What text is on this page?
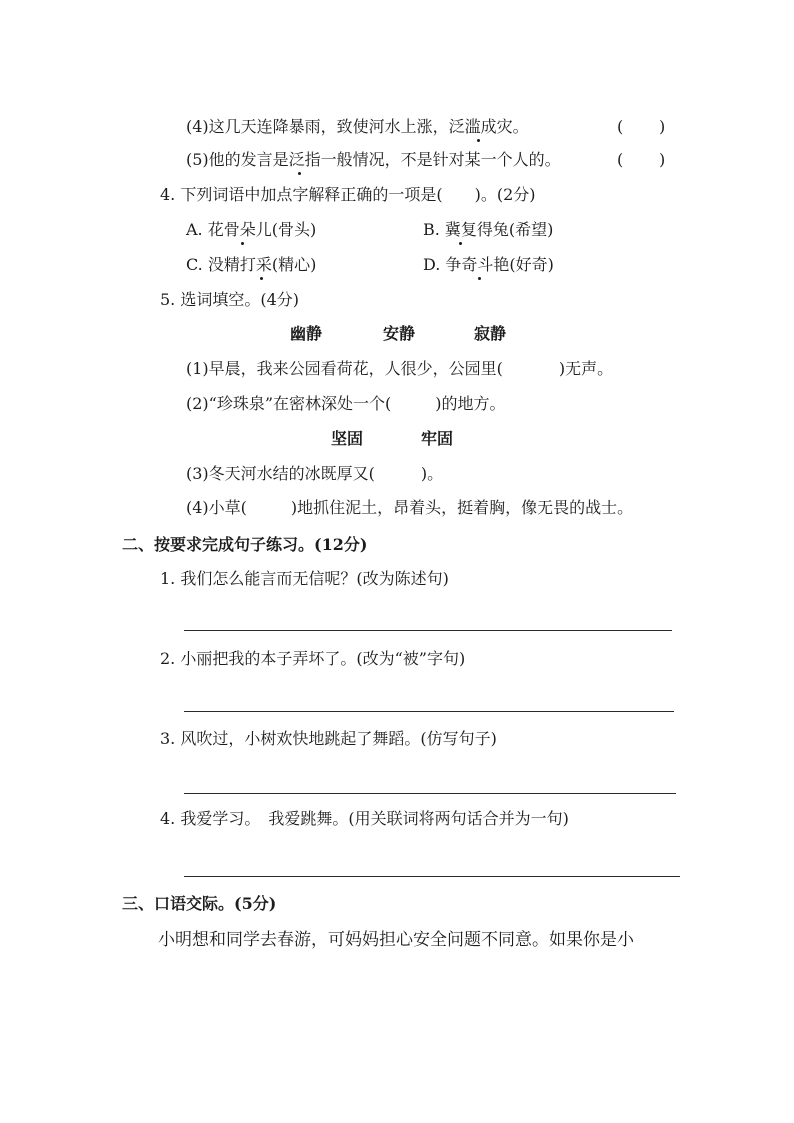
(4)这几天连降暴雨，致使河水上涨，泛滥成灾。	( )
(5)他的发言是泛指一般情况，不是针对某一个人的。	( )
4. 下列词语中加点字解释正确的一项是(　　)。(2分)
A. 花骨朵儿(骨头)	B. 冀复得兔(希望)
C. 没精打采(精心)	D. 争奇斗艳(好奇)
5. 选词填空。(4分)
幽静	安静	寂静
(1)早晨，我来公园看荷花，人很少，公园里(	)无声。
(2)“珍珠泉”在密林深处一个(	)的地方。
坚固	牢固
(3)冬天河水结的冰既厚又(	)。
(4)小草(	)地抓住泥土，昂着头，挺着胸，像无畏的战士。
二、按要求完成句子练习。(12分)
1. 我们怎么能言而无信呢？(改为陈述句)
2. 小丽把我的本子弄坏了。(改为“被”字句)
3. 风吹过，小树欢快地跳起了舞蹈。(仿写句子)
4. 我爱学习。　我爱跳舞。(用关联词将两句话合并为一句)
三、口语交际。(5分)
小明想和同学去春游，可妈妈担心安全问题不同意。如果你是小
